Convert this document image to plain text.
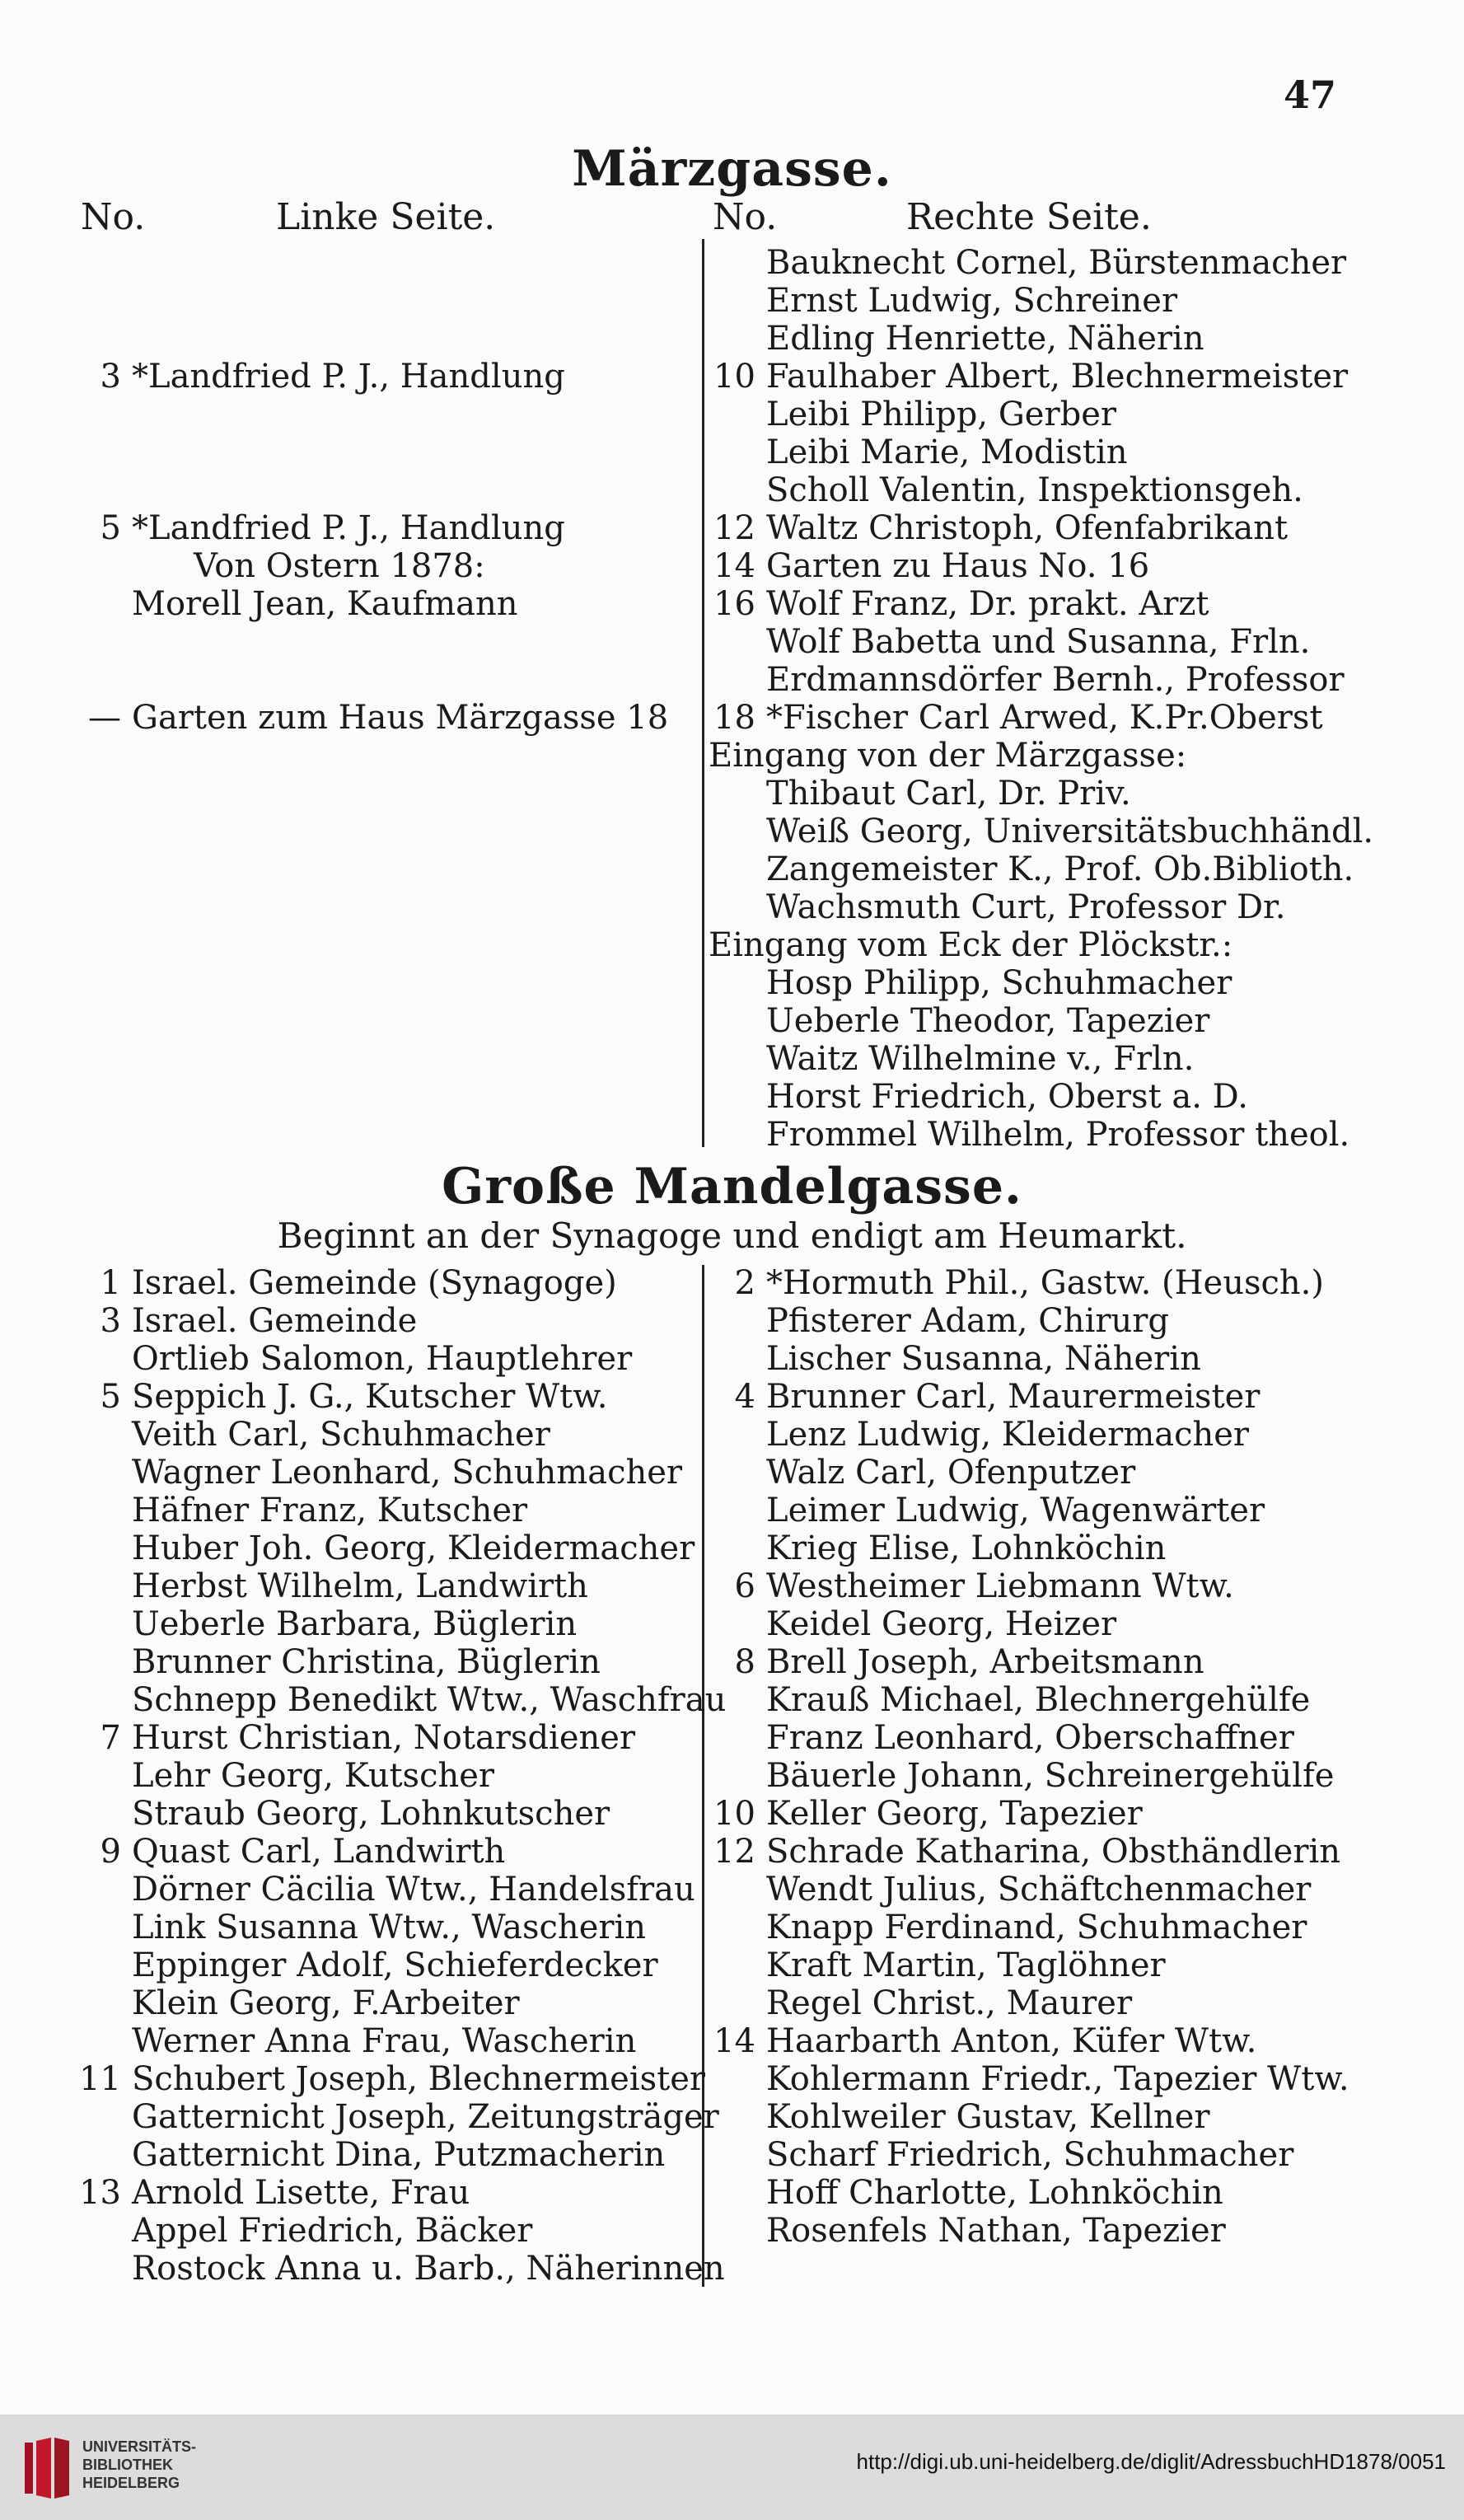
47
Märzgasse.
No.	Linke Seite.	No.	Rechte Seite.
3 *Landfried P. J., Handlung
5 *Landfried P. J., Handlung
Von Ostern 1878:
Morell Jean, Kaufmann
— Garten zum Haus Märzgasse 18
Bauknecht Cornel, Bürstenmacher
Ernst Ludwig, Schreiner
Edling Henriette, Näherin
10 Faulhaber Albert, Blechnermeister
Leibi Philipp, Gerber
Leibi Marie, Modistin
Scholl Valentin, Inspektionsgeh.
12 Waltz Christoph, Ofenfabrikant
14 Garten zu Haus No. 16
16 Wolf Franz, Dr. prakt. Arzt
Wolf Babetta und Susanna, Frln.
Erdmannsdörfer Bernh., Professor
18 *Fischer Carl Arwed, K.Pr.Oberst
Eingang von der Märzgasse:
Thibaut Carl, Dr. Priv.
Weiß Georg, Universitätsbuchhändl.
Zangemeister K., Prof. Ob.Biblioth.
Wachsmuth Curt, Professor Dr.
Eingang vom Eck der Plöckstr.:
Hosp Philipp, Schuhmacher
Ueberle Theodor, Tapezier
Waitz Wilhelmine v., Frln.
Horst Friedrich, Oberst a. D.
Frommel Wilhelm, Professor theol.
Große Mandelgasse.
Beginnt an der Synagoge und endigt am Heumarkt.
1 Israel. Gemeinde (Synagoge)
3 Israel. Gemeinde
Ortlieb Salomon, Hauptlehrer
5 Seppich J. G., Kutscher Wtw.
Veith Carl, Schuhmacher
Wagner Leonhard, Schuhmacher
Häfner Franz, Kutscher
Huber Joh. Georg, Kleidermacher
Herbst Wilhelm, Landwirth
Ueberle Barbara, Büglerin
Brunner Christina, Büglerin
Schnepp Benedikt Wtw., Waschfrau
7 Hurst Christian, Notarsdiener
Lehr Georg, Kutscher
Straub Georg, Lohnkutscher
9 Quast Carl, Landwirth
Dörner Cäcilia Wtw., Handelsfrau
Link Susanna Wtw., Wascherin
Eppinger Adolf, Schieferdecker
Klein Georg, F.Arbeiter
Werner Anna Frau, Wascherin
11 Schubert Joseph, Blechnermeister
Gatternicht Joseph, Zeitungsträger
Gatternicht Dina, Putzmacherin
13 Arnold Lisette, Frau
Appel Friedrich, Bäcker
Rostock Anna u. Barb., Näherinnen
2 *Hormuth Phil., Gastw. (Heusch.)
Pfisterer Adam, Chirurg
Lischer Susanna, Näherin
4 Brunner Carl, Maurermeister
Lenz Ludwig, Kleidermacher
Walz Carl, Ofenputzer
Leimer Ludwig, Wagenwärter
Krieg Elise, Lohnköchin
6 Westheimer Liebmann Wtw.
Keidel Georg, Heizer
8 Brell Joseph, Arbeitsmann
Krauß Michael, Blechnergehülfe
Franz Leonhard, Oberschaffner
Bäuerle Johann, Schreinergehülfe
10 Keller Georg, Tapezier
12 Schrade Katharina, Obsthändlerin
Wendt Julius, Schäftchenmacher
Knapp Ferdinand, Schuhmacher
Kraft Martin, Taglöhner
Regel Christ., Maurer
14 Haarbarth Anton, Küfer Wtw.
Kohlermann Friedr., Tapezier Wtw.
Kohlweiler Gustav, Kellner
Scharf Friedrich, Schuhmacher
Hoff Charlotte, Lohnköchin
Rosenfels Nathan, Tapezier
UNIVERSITÄTS-
BIBLIOTHEK
HEIDELBERG
http://digi.ub.uni-heidelberg.de/diglit/AdressbuchHD1878/0051
